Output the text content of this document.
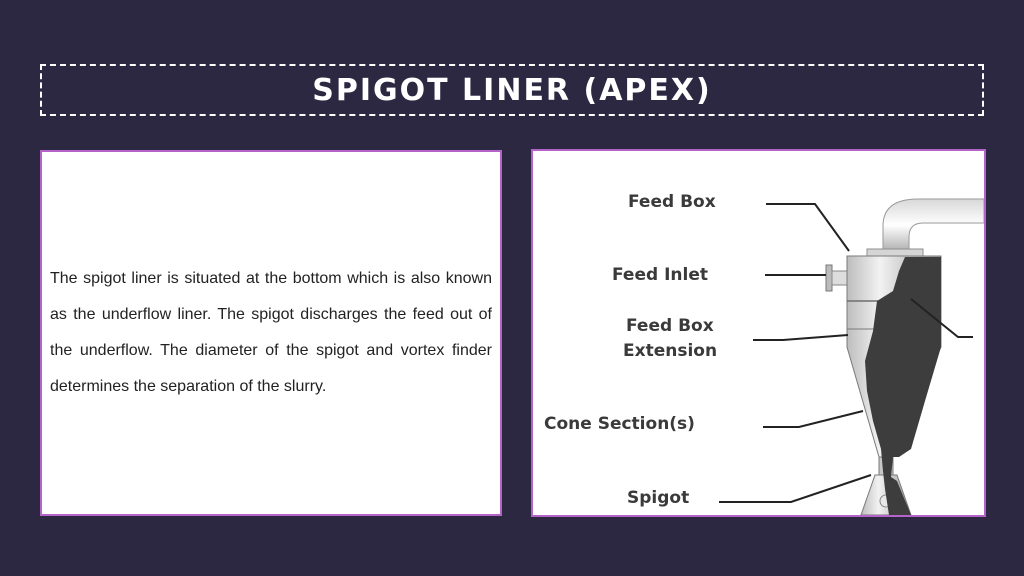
SPIGOT LINER (APEX)

The spigot liner is situated at the bottom which is also known as the underflow liner. The spigot discharges the feed out of the underflow. The diameter of the spigot and vortex finder determines the separation of the slurry.

Feed Box
Feed Inlet
Feed Box
Extension
Cone Section(s)
Spigot
